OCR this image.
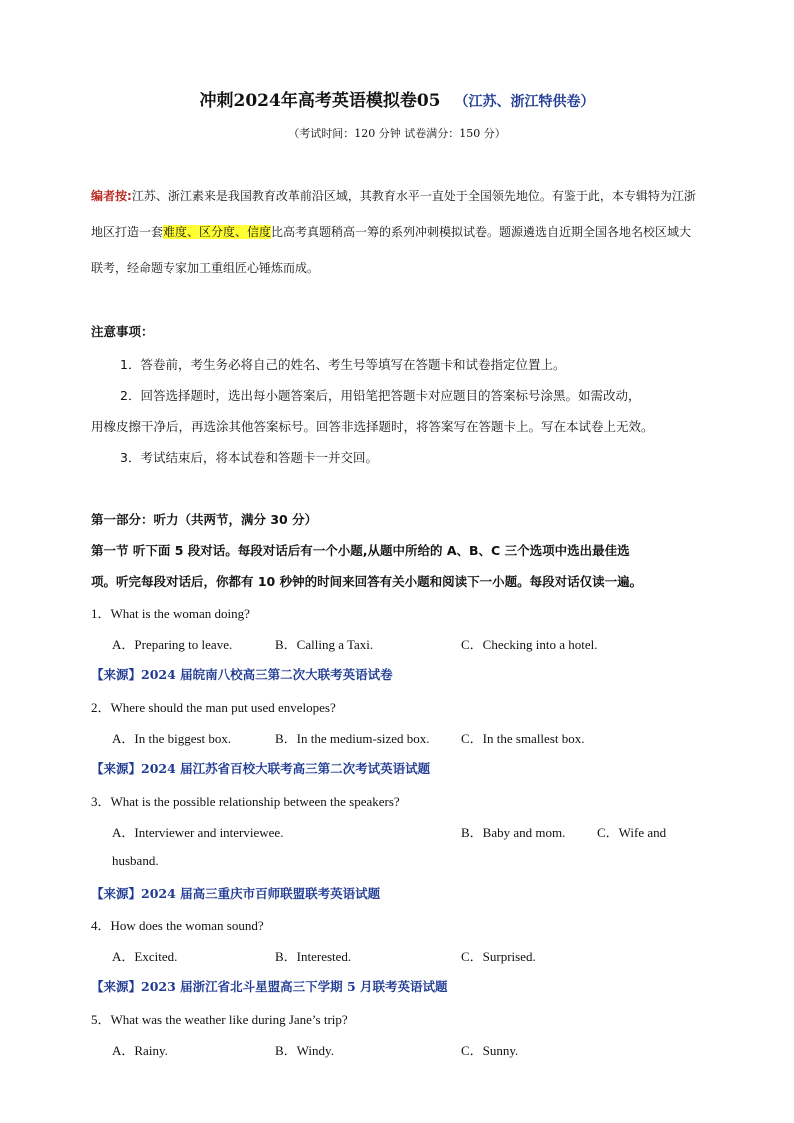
冲刺2024年高考英语模拟卷05 （江苏、浙江特供卷）
（考试时间：120 分钟 试卷满分：150 分）
编者按:江苏、浙江素来是我国教育改革前沿区域，其教育水平一直处于全国领先地位。有鉴于此，本专辑特为江浙
地区打造一套难度、区分度、信度比高考真题稍高一筹的系列冲刺模拟试卷。题源遴选自近期全国各地名校区域大
联考，经命题专家加工重组匠心锤炼而成。
注意事项：
1．答卷前，考生务必将自己的姓名、考生号等填写在答题卡和试卷指定位置上。
2．回答选择题时，选出每小题答案后，用铅笔把答题卡对应题目的答案标号涂黑。如需改动，
用橡皮擦干净后，再选涂其他答案标号。回答非选择题时，将答案写在答题卡上。写在本试卷上无效。
3．考试结束后，将本试卷和答题卡一并交回。
第一部分：听力（共两节，满分 30 分）
第一节 听下面 5 段对话。每段对话后有一个小题,从题中所给的 A、B、C 三个选项中选出最佳选
项。听完每段对话后，你都有 10 秒钟的时间来回答有关小题和阅读下一小题。每段对话仅读一遍。
1．What is the woman doing?
A．Preparing to leave.	B．Calling a Taxi.	C．Checking into a hotel.
【来源】2024 届皖南八校高三第二次大联考英语试卷
2．Where should the man put used envelopes?
A．In the biggest box.	B．In the medium-sized box. C．In the smallest box.
【来源】2024 届江苏省百校大联考高三第二次考试英语试题
3．What is the possible relationship between the speakers?
A．Interviewer and interviewee.	B．Baby and mom. C．Wife and
husband.
【来源】2024 届高三重庆市百师联盟联考英语试题
4．How does the woman sound?
A．Excited.	B．Interested.	C．Surprised.
【来源】2023 届浙江省北斗星盟高三下学期 5 月联考英语试题
5．What was the weather like during Jane’s trip?
A．Rainy.	B．Windy.	C．Sunny.
